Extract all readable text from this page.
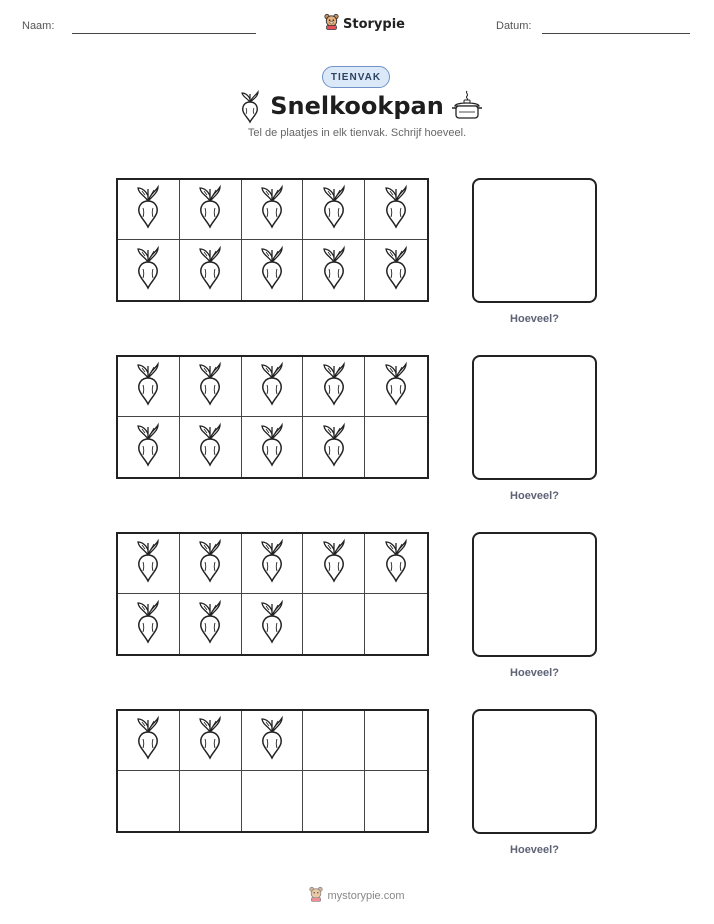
Naam:	Storypie	Datum:
TIENVAK
Snelkookpan
Tel de plaatjes in elk tienvak. Schrijf hoeveel.
Hoeveel?
Hoeveel?
Hoeveel?
Hoeveel?
mystorypie.com
